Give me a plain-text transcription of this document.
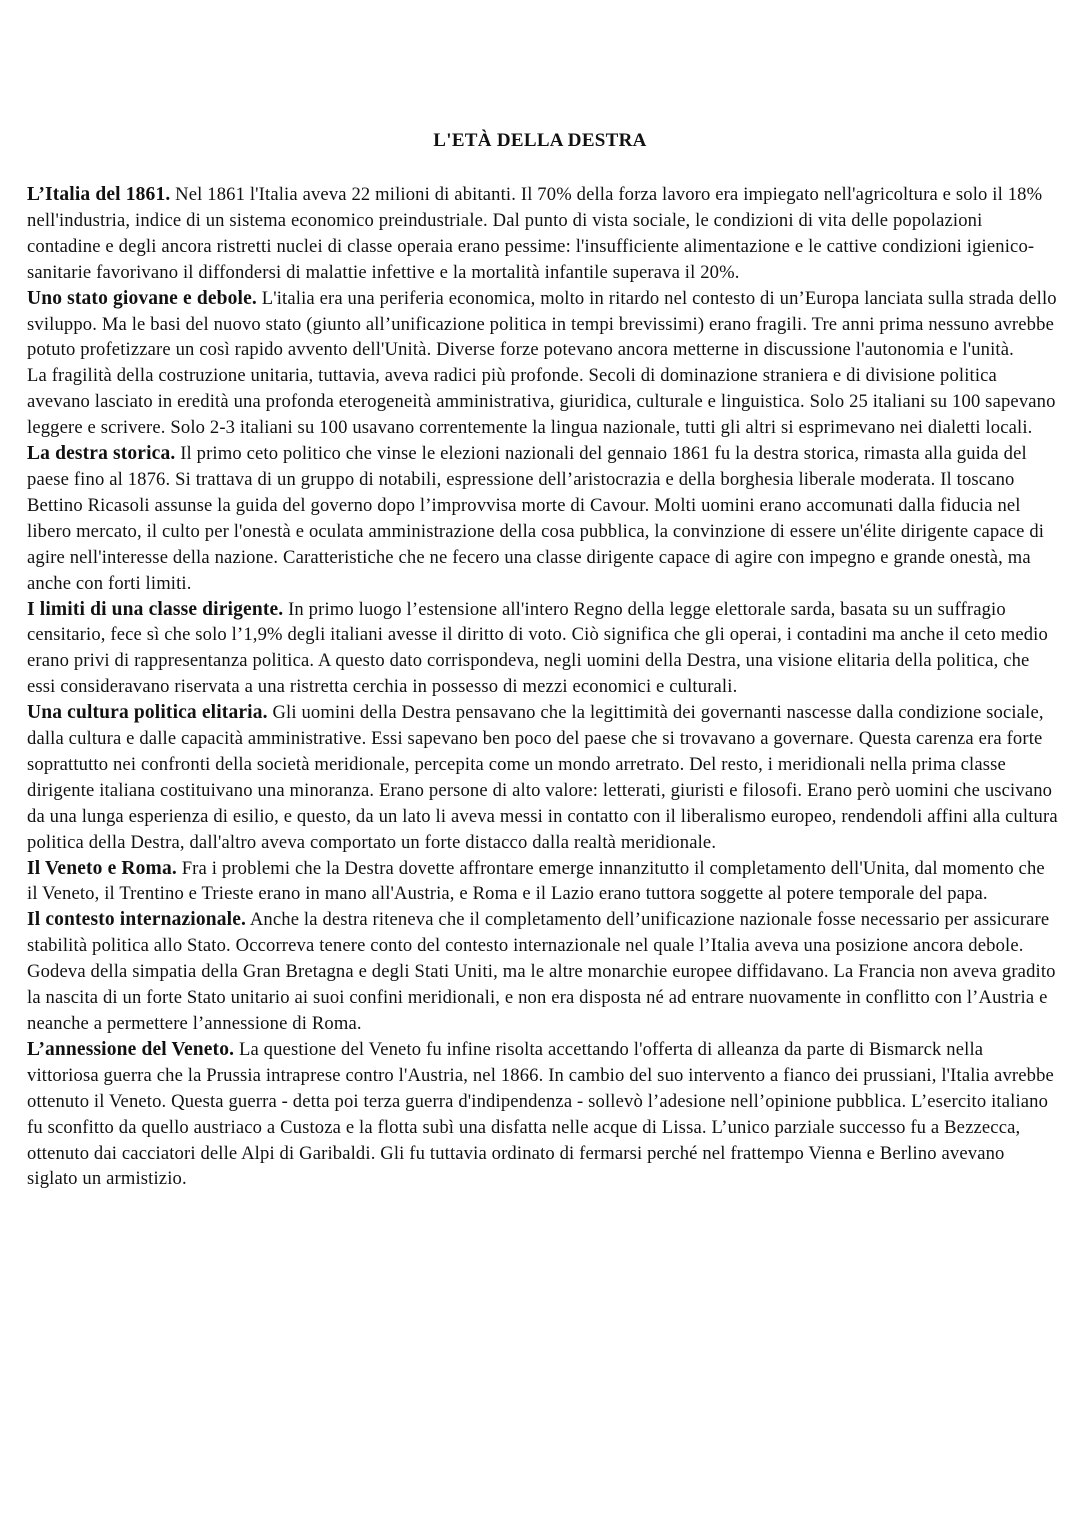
L'ETÀ DELLA DESTRA

L’Italia del 1861. Nel 1861 l'Italia aveva 22 milioni di abitanti. Il 70% della forza lavoro era impiegato nell'agricoltura e solo il 18% nell'industria, indice di un sistema economico preindustriale. Dal punto di vista sociale, le condizioni di vita delle popolazioni contadine e degli ancora ristretti nuclei di classe operaia erano pessime: l'insufficiente alimentazione e le cattive condizioni igienico-sanitarie favorivano il diffondersi di malattie infettive e la mortalità infantile superava il 20%.

Uno stato giovane e debole. L'italia era una periferia economica, molto in ritardo nel contesto di un’Europa lanciata sulla strada dello sviluppo. Ma le basi del nuovo stato (giunto all’unificazione politica in tempi brevissimi) erano fragili. Tre anni prima nessuno avrebbe potuto profetizzare un così rapido avvento dell'Unità. Diverse forze potevano ancora metterne in discussione l'autonomia e l'unità.

La fragilità della costruzione unitaria, tuttavia, aveva radici più profonde. Secoli di dominazione straniera e di divisione politica avevano lasciato in eredità una profonda eterogeneità amministrativa, giuridica, culturale e linguistica. Solo 25 italiani su 100 sapevano leggere e scrivere. Solo 2-3 italiani su 100 usavano correntemente la lingua nazionale, tutti gli altri si esprimevano nei dialetti locali.

La destra storica. Il primo ceto politico che vinse le elezioni nazionali del gennaio 1861 fu la destra storica, rimasta alla guida del paese fino al 1876. Si trattava di un gruppo di notabili, espressione dell’aristocrazia e della borghesia liberale moderata. Il toscano Bettino Ricasoli assunse la guida del governo dopo l’improvvisa morte di Cavour. Molti uomini erano accomunati dalla fiducia nel libero mercato, il culto per l'onestà e oculata amministrazione della cosa pubblica, la convinzione di essere un'élite dirigente capace di agire nell'interesse della nazione. Caratteristiche che ne fecero una classe dirigente capace di agire con impegno e grande onestà, ma anche con forti limiti.

I limiti di una classe dirigente. In primo luogo l’estensione all'intero Regno della legge elettorale sarda, basata su un suffragio censitario, fece sì che solo l’1,9% degli italiani avesse il diritto di voto. Ciò significa che gli operai, i contadini ma anche il ceto medio erano privi di rappresentanza politica. A questo dato corrispondeva, negli uomini della Destra, una visione elitaria della politica, che essi consideravano riservata a una ristretta cerchia in possesso di mezzi economici e culturali.

Una cultura politica elitaria. Gli uomini della Destra pensavano che la legittimità dei governanti nascesse dalla condizione sociale, dalla cultura e dalle capacità amministrative. Essi sapevano ben poco del paese che si trovavano a governare. Questa carenza era forte soprattutto nei confronti della società meridionale, percepita come un mondo arretrato. Del resto, i meridionali nella prima classe dirigente italiana costituivano una minoranza. Erano persone di alto valore: letterati, giuristi e filosofi. Erano però uomini che uscivano da una lunga esperienza di esilio, e questo, da un lato li aveva messi in contatto con il liberalismo europeo, rendendoli affini alla cultura politica della Destra, dall'altro aveva comportato un forte distacco dalla realtà meridionale.

Il Veneto e Roma. Fra i problemi che la Destra dovette affrontare emerge innanzitutto il completamento dell'Unita, dal momento che il Veneto, il Trentino e Trieste erano in mano all'Austria, e Roma e il Lazio erano tuttora soggette al potere temporale del papa.

Il contesto internazionale. Anche la destra riteneva che il completamento dell’unificazione nazionale fosse necessario per assicurare stabilità politica allo Stato. Occorreva tenere conto del contesto internazionale nel quale l’Italia aveva una posizione ancora debole. Godeva della simpatia della Gran Bretagna e degli Stati Uniti, ma le altre monarchie europee diffidavano. La Francia non aveva gradito la nascita di un forte Stato unitario ai suoi confini meridionali, e non era disposta né ad entrare nuovamente in conflitto con l’Austria e neanche a permettere l’annessione di Roma.

L’annessione del Veneto. La questione del Veneto fu infine risolta accettando l'offerta di alleanza da parte di Bismarck nella vittoriosa guerra che la Prussia intraprese contro l'Austria, nel 1866. In cambio del suo intervento a fianco dei prussiani, l'Italia avrebbe ottenuto il Veneto. Questa guerra - detta poi terza guerra d'indipendenza - sollevò l’adesione nell’opinione pubblica. L’esercito italiano fu sconfitto da quello austriaco a Custoza e la flotta subì una disfatta nelle acque di Lissa. L’unico parziale successo fu a Bezzecca, ottenuto dai cacciatori delle Alpi di Garibaldi. Gli fu tuttavia ordinato di fermarsi perché nel frattempo Vienna e Berlino avevano siglato un armistizio.
